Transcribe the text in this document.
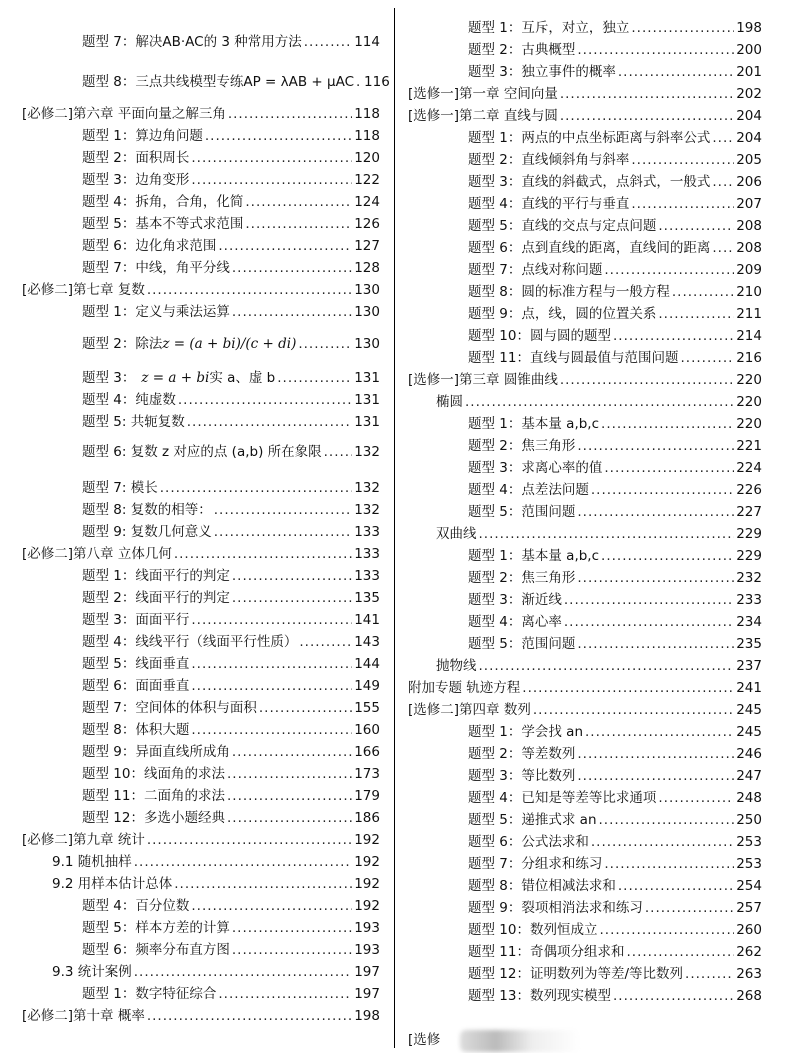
题型 7：解决AB·AC的 3 种常用方法 .....	114
题型 8：三点共线模型专练AP = λAB + μAC ..... 116
[必修二]第六章 平面向量之解三角 .....	118
题型 1：算边角问题 .....	118
题型 2：面积周长 .....	120
题型 3：边角变形 .....	122
题型 4：拆角，合角，化简 .....	124
题型 5：基本不等式求范围 .....	126
题型 6：边化角求范围 .....	127
题型 7：中线，角平分线 .....	128
[必修二]第七章 复数 .....	130
题型 1：定义与乘法运算 .....	130
题型 2：除法 z = (a + bi)/(c + di) .....	130
题型 3： z = a + bi 实 a、虚 b .....	131
题型 4：纯虚数 .....	131
题型 5: 共轭复数 .....	131
题型 6: 复数 z 对应的点 (a,b) 所在象限 ..... 132
题型 7: 模长 .....	132
题型 8: 复数的相等： .....	132
题型 9: 复数几何意义 .....	133
[必修二]第八章 立体几何 .....	133
题型 1：线面平行的判定 .....	133
题型 2：线面平行的判定 .....	135
题型 3：面面平行 .....	141
题型 4：线线平行（线面平行性质） .....	143
题型 5：线面垂直 .....	144
题型 6：面面垂直 .....	149
题型 7：空间体的体积与面积 .....	155
题型 8：体积大题 .....	160
题型 9：异面直线所成角 .....	166
题型 10：线面角的求法 .....	173
题型 11：二面角的求法 .....	179
题型 12：多选小题经典 .....	186
[必修二]第九章 统计 .....	192
9.1 随机抽样 .....	192
9.2 用样本估计总体 .....	192
题型 4：百分位数 .....	192
题型 5：样本方差的计算 .....	193
题型 6：频率分布直方图 .....	193
9.3 统计案例 .....	197
题型 1：数字特征综合 .....	197
[必修二]第十章 概率 .....	198
题型 1：互斥，对立，独立 .....	198
题型 2：古典概型 .....	200
题型 3：独立事件的概率 .....	201
[选修一]第一章 空间向量 .....	202
[选修一]第二章 直线与圆 .....	204
题型 1：两点的中点坐标距离与斜率公式 ..... 204
题型 2：直线倾斜角与斜率 .....	205
题型 3：直线的斜截式，点斜式，一般式 ..... 206
题型 4：直线的平行与垂直 .....	207
题型 5：直线的交点与定点问题 .....	208
题型 6：点到直线的距离，直线间的距离 ..... 208
题型 7：点线对称问题 .....	209
题型 8：圆的标准方程与一般方程 .....	210
题型 9：点，线，圆的位置关系 .....	211
题型 10：圆与圆的题型 .....	214
题型 11：直线与圆最值与范围问题 .....	216
[选修一]第三章 圆锥曲线 .....	220
椭圆 .....	220
题型 1：基本量 a,b,c .....	220
题型 2：焦三角形 .....	221
题型 3：求离心率的值 .....	224
题型 4：点差法问题 .....	226
题型 5：范围问题 .....	227
双曲线 .....	229
题型 1：基本量 a,b,c .....	229
题型 2：焦三角形 .....	232
题型 3：渐近线 .....	233
题型 4：离心率 .....	234
题型 5：范围问题 .....	235
抛物线 .....	237
附加专题 轨迹方程 .....	241
[选修二]第四章 数列 .....	245
题型 1：学会找 an .....	245
题型 2：等差数列 .....	246
题型 3：等比数列 .....	247
题型 4：已知是等差等比求通项 .....	248
题型 5：递推式求 an .....	250
题型 6：公式法求和 .....	253
题型 7：分组求和练习 .....	253
题型 8：错位相减法求和 .....	254
题型 9：裂项相消法求和练习 .....	257
题型 10：数列恒成立 .....	260
题型 11：奇偶项分组求和 .....	262
题型 12：证明数列为等差/等比数列 .....	263
题型 13：数列现实模型 .....	268
[选修
